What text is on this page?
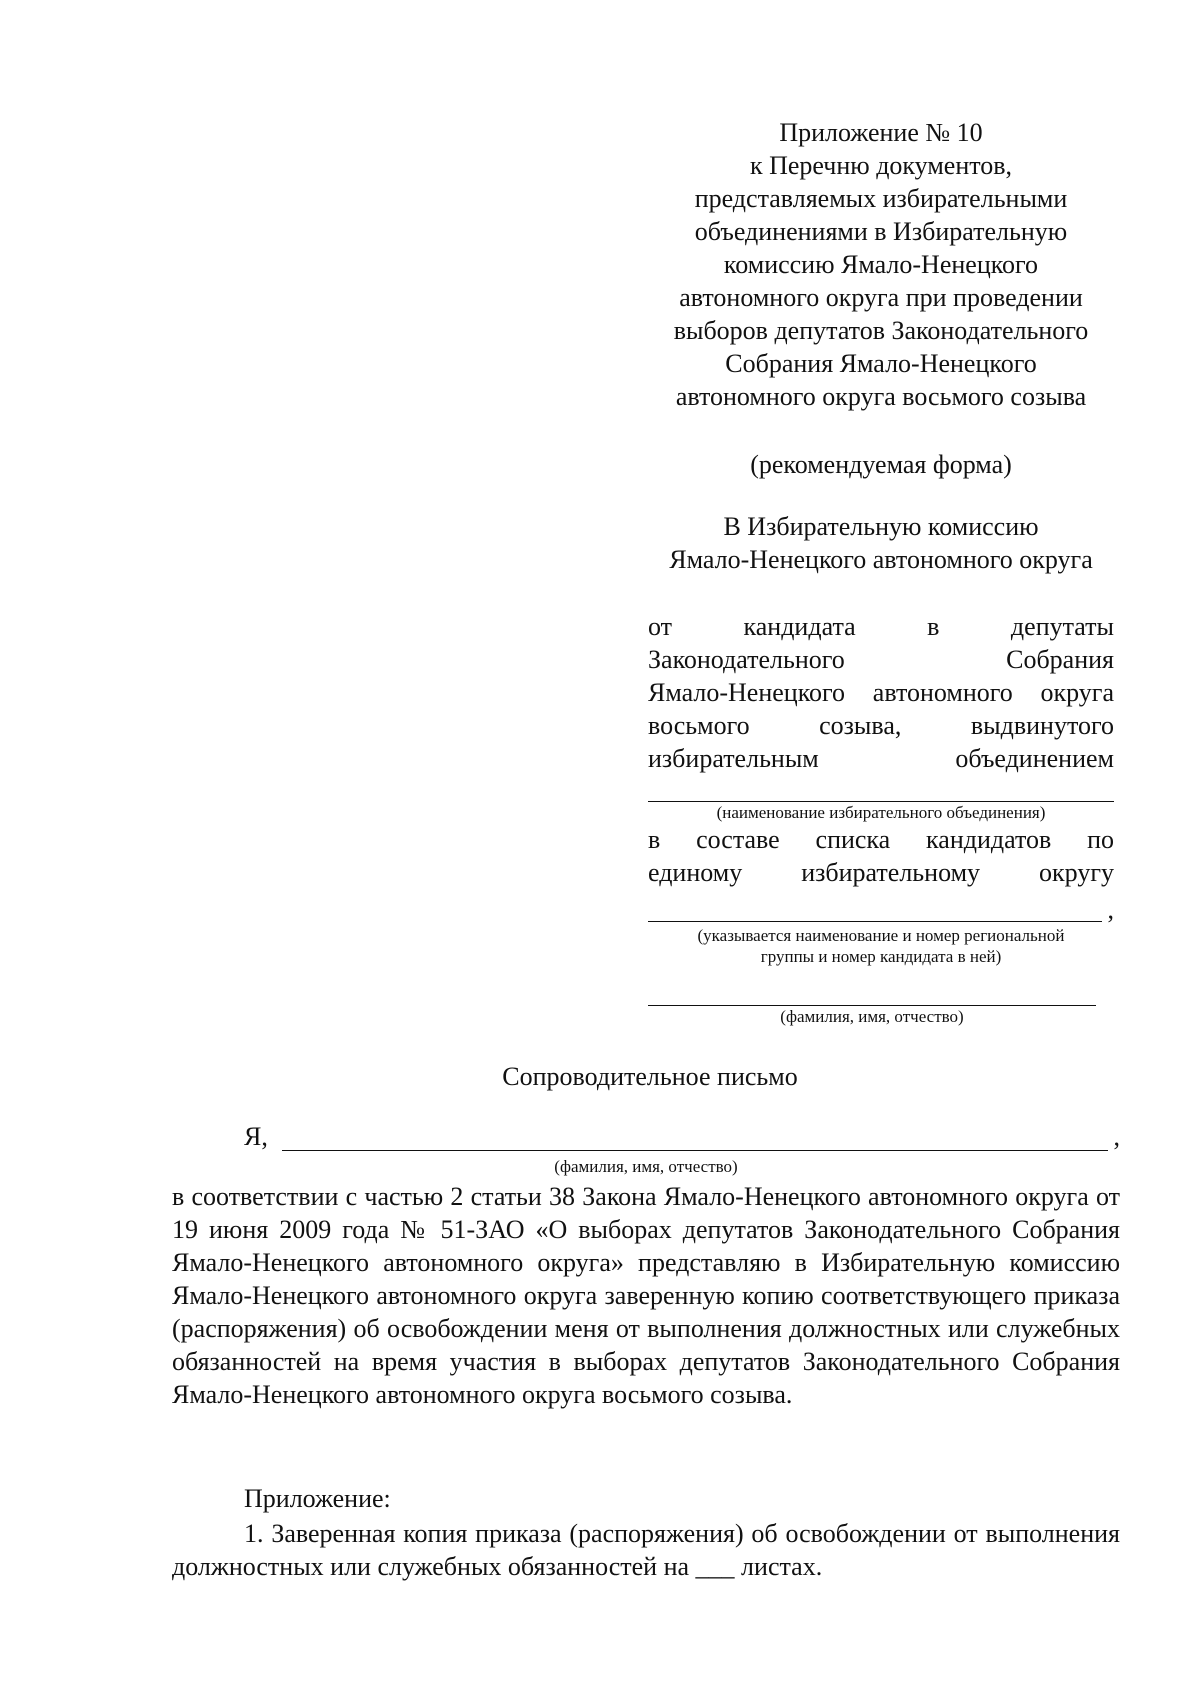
Приложение № 10
к Перечню документов,
представляемых избирательными
объединениями в Избирательную
комиссию Ямало-Ненецкого
автономного округа при проведении
выборов депутатов Законодательного
Собрания Ямало-Ненецкого
автономного округа восьмого созыва
(рекомендуемая форма)
В Избирательную комиссию
Ямало-Ненецкого автономного округа
от кандидата в депутаты
Законодательного Собрания
Ямало-Ненецкого автономного округа
восьмого созыва, выдвинутого
избирательным объединением
(наименование избирательного объединения)
в составе списка кандидатов по
единому избирательному округу
,
(указывается наименование и номер региональной
группы и номер кандидата в ней)
(фамилия, имя, отчество)
Сопроводительное письмо
Я,	,
(фамилия, имя, отчество)
в соответствии с частью 2 статьи 38 Закона Ямало-Ненецкого автономного округа от 19 июня 2009 года № 51-ЗАО «О выборах депутатов Законодательного Собрания Ямало-Ненецкого автономного округа» представляю в Избирательную комиссию Ямало-Ненецкого автономного округа заверенную копию соответствующего приказа (распоряжения) об освобождении меня от выполнения должностных или служебных обязанностей на время участия в выборах депутатов Законодательного Собрания Ямало-Ненецкого автономного округа восьмого созыва.
Приложение:
1. Заверенная копия приказа (распоряжения) об освобождении от выполнения должностных или служебных обязанностей на ___ листах.
